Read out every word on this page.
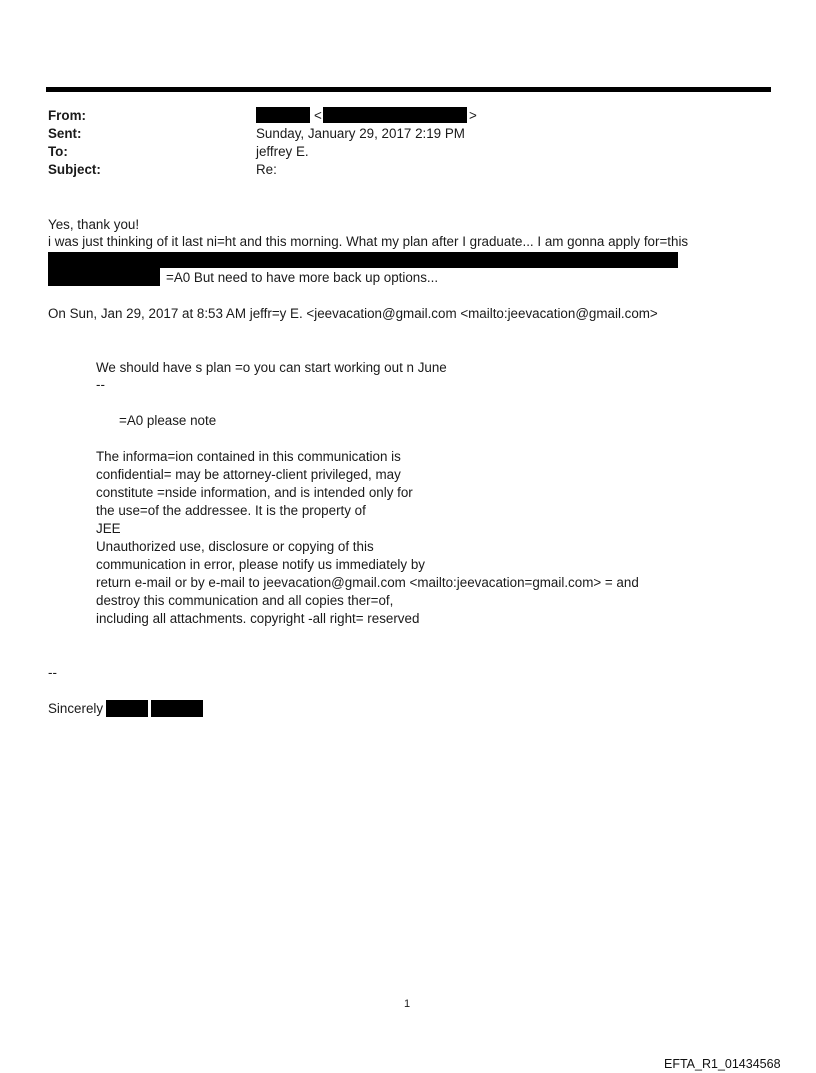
From:
Sent:
To:
Subject:
<	>
Sunday, January 29, 2017 2:19 PM
jeffrey E.
Re:
Yes, thank you!
i was just thinking of it last ni=ht and this morning. What my plan after I graduate... I am gonna apply for=this
=A0 But need to have more back up options...
On Sun, Jan 29, 2017 at 8:53 AM jeffr=y E. <jeevacation@gmail.com <mailto:jeevacation@gmail.com>
We should have s plan =o you can start working out n June
--
=A0 please note
The informa=ion contained in this communication is
confidential= may be attorney-client privileged, may
constitute =nside information, and is intended only for
the use=of the addressee. It is the property of
JEE
Unauthorized use, disclosure or copying of this
communication in error, please notify us immediately by
return e-mail or by e-mail to jeevacation@gmail.com <mailto:jeevacation=gmail.com> = and
destroy this communication and all copies ther=of,
including all attachments. copyright -all right= reserved
--
Sincerely
1
EFTA_R1_01434568
